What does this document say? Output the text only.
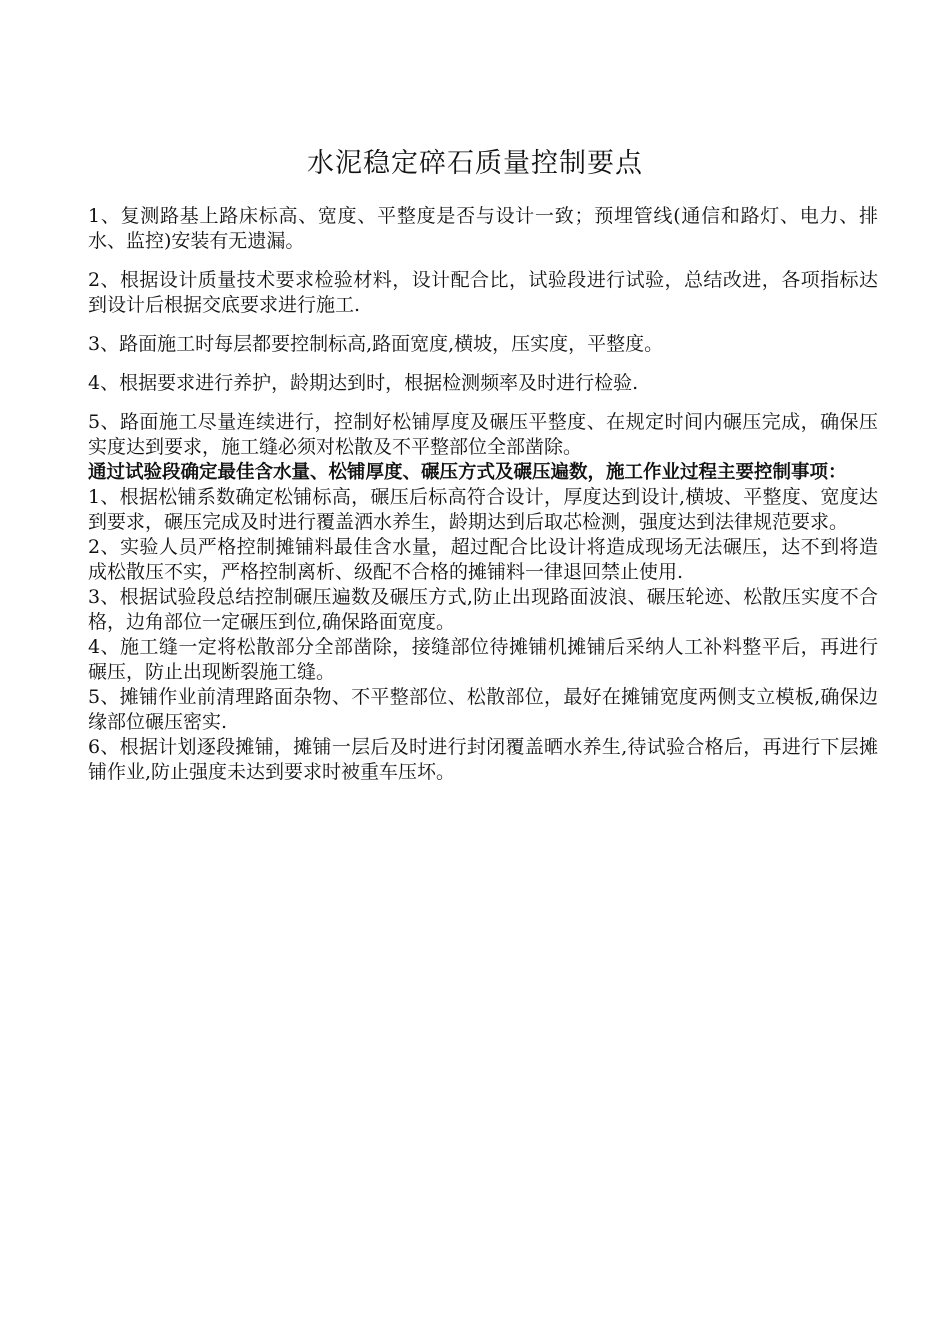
水泥稳定碎石质量控制要点

1、复测路基上路床标高、宽度、平整度是否与设计一致；预埋管线(通信和路灯、电力、排水、监控)安装有无遗漏。

2、根据设计质量技术要求检验材料，设计配合比，试验段进行试验，总结改进，各项指标达到设计后根据交底要求进行施工.

3、路面施工时每层都要控制标高,路面宽度,横坡，压实度，平整度。

4、根据要求进行养护，龄期达到时，根据检测频率及时进行检验.

5、路面施工尽量连续进行，控制好松铺厚度及碾压平整度、在规定时间内碾压完成，确保压实度达到要求，施工缝必须对松散及不平整部位全部凿除。

通过试验段确定最佳含水量、松铺厚度、碾压方式及碾压遍数，施工作业过程主要控制事项：

1、根据松铺系数确定松铺标高，碾压后标高符合设计，厚度达到设计,横坡、平整度、宽度达到要求，碾压完成及时进行覆盖洒水养生，龄期达到后取芯检测，强度达到法律规范要求。

2、实验人员严格控制摊铺料最佳含水量，超过配合比设计将造成现场无法碾压，达不到将造成松散压不实，严格控制离析、级配不合格的摊铺料一律退回禁止使用.

3、根据试验段总结控制碾压遍数及碾压方式,防止出现路面波浪、碾压轮迹、松散压实度不合格，边角部位一定碾压到位,确保路面宽度。

4、施工缝一定将松散部分全部凿除，接缝部位待摊铺机摊铺后采纳人工补料整平后，再进行碾压，防止出现断裂施工缝。

5、摊铺作业前清理路面杂物、不平整部位、松散部位，最好在摊铺宽度两侧支立模板,确保边缘部位碾压密实.

6、根据计划逐段摊铺，摊铺一层后及时进行封闭覆盖晒水养生,待试验合格后，再进行下层摊铺作业,防止强度未达到要求时被重车压坏。
